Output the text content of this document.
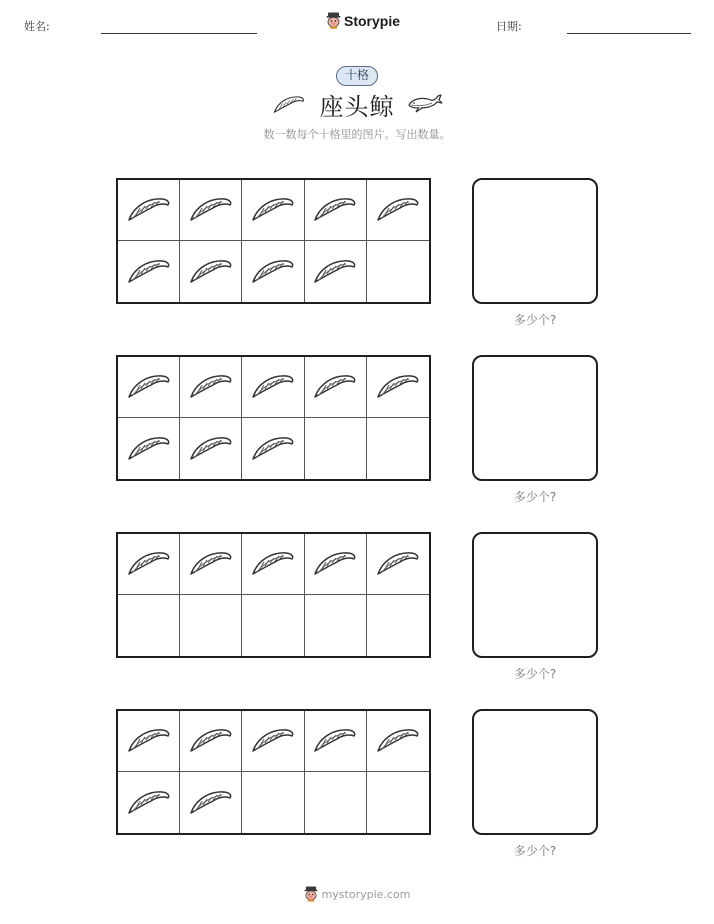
姓名:	Storypie	日期:
十格
座头鲸
数一数每个十格里的图片。写出数量。
多少个?
多少个?
多少个?
多少个?
mystorypie.com
